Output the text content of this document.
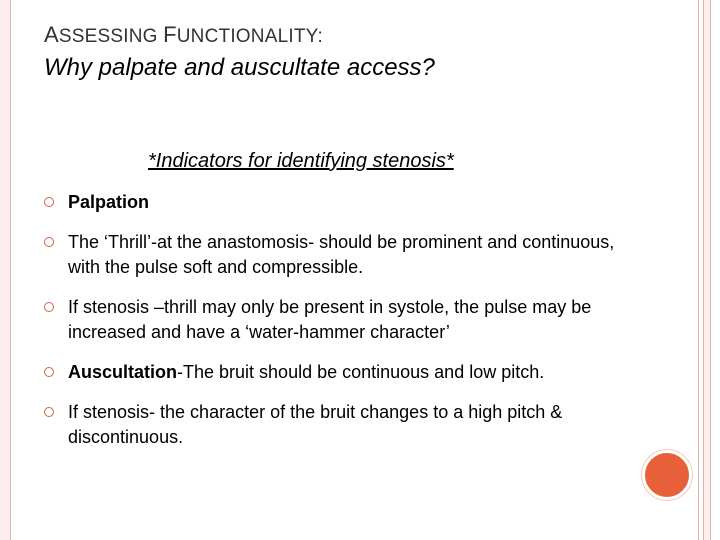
ASSESSING FUNCTIONALITY:
Why palpate and auscultate access?
*Indicators for identifying stenosis*
Palpation
The ‘Thrill’-at the anastomosis- should be prominent and continuous, with the pulse soft and compressible.
If stenosis –thrill may only be present in systole, the pulse may be increased and have a ‘water-hammer character’
Auscultation-The bruit should be continuous and low pitch.
If stenosis- the character of the bruit changes to a high pitch & discontinuous.
